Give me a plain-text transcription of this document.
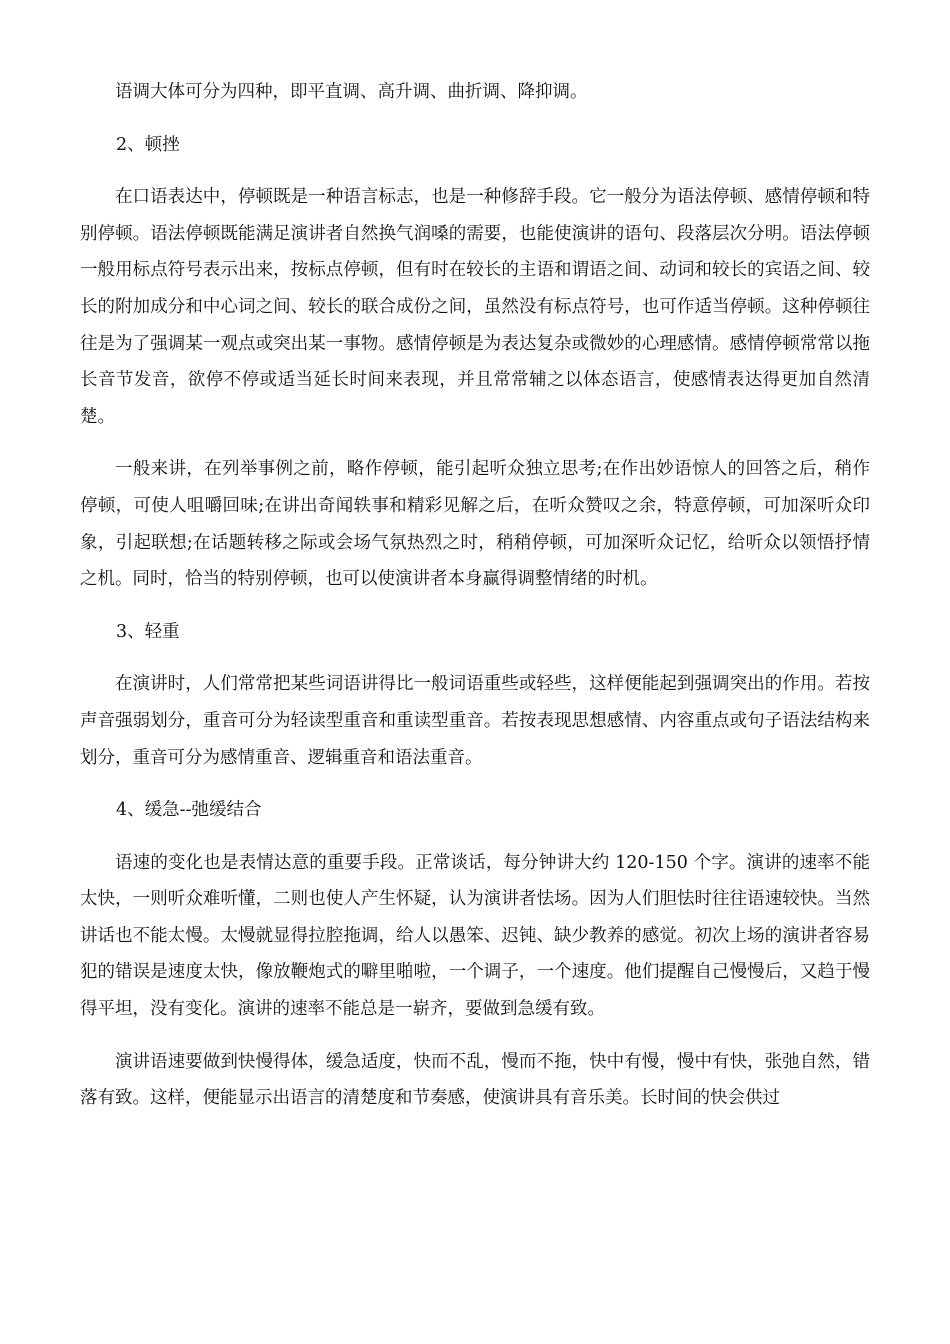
语调大体可分为四种，即平直调、高升调、曲折调、降抑调。

2、顿挫

在口语表达中，停顿既是一种语言标志，也是一种修辞手段。它一般分为语法停顿、感情停顿和特别停顿。语法停顿既能满足演讲者自然换气润嗓的需要，也能使演讲的语句、段落层次分明。语法停顿一般用标点符号表示出来，按标点停顿，但有时在较长的主语和谓语之间、动词和较长的宾语之间、较长的附加成分和中心词之间、较长的联合成份之间，虽然没有标点符号，也可作适当停顿。这种停顿往往是为了强调某一观点或突出某一事物。感情停顿是为表达复杂或微妙的心理感情。感情停顿常常以拖长音节发音，欲停不停或适当延长时间来表现，并且常常辅之以体态语言，使感情表达得更加自然清楚。

一般来讲，在列举事例之前，略作停顿，能引起听众独立思考;在作出妙语惊人的回答之后，稍作停顿，可使人咀嚼回味;在讲出奇闻轶事和精彩见解之后，在听众赞叹之余，特意停顿，可加深听众印象，引起联想;在话题转移之际或会场气氛热烈之时，稍稍停顿，可加深听众记忆，给听众以领悟抒情之机。同时，恰当的特别停顿，也可以使演讲者本身赢得调整情绪的时机。

3、轻重

在演讲时，人们常常把某些词语讲得比一般词语重些或轻些，这样便能起到强调突出的作用。若按声音强弱划分，重音可分为轻读型重音和重读型重音。若按表现思想感情、内容重点或句子语法结构来划分，重音可分为感情重音、逻辑重音和语法重音。

4、缓急--弛缓结合

语速的变化也是表情达意的重要手段。正常谈话，每分钟讲大约 120-150 个字。演讲的速率不能太快，一则听众难听懂，二则也使人产生怀疑，认为演讲者怯场。因为人们胆怯时往往语速较快。当然讲话也不能太慢。太慢就显得拉腔拖调，给人以愚笨、迟钝、缺少教养的感觉。初次上场的演讲者容易犯的错误是速度太快，像放鞭炮式的噼里啪啦，一个调子，一个速度。他们提醒自己慢慢后，又趋于慢得平坦，没有变化。演讲的速率不能总是一崭齐，要做到急缓有致。

演讲语速要做到快慢得体，缓急适度，快而不乱，慢而不拖，快中有慢，慢中有快，张弛自然，错落有致。这样，便能显示出语言的清楚度和节奏感，使演讲具有音乐美。长时间的快会供过
